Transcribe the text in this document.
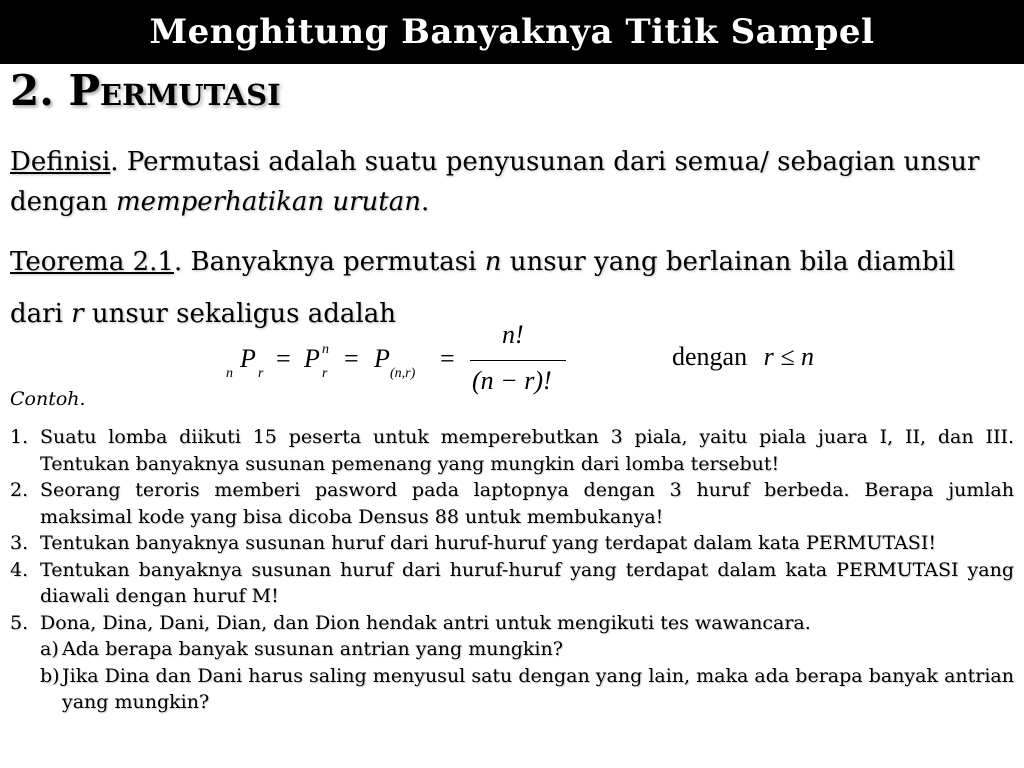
Menghitung Banyaknya Titik Sampel
2. Permutasi
Definisi. Permutasi adalah suatu penyusunan dari semua/ sebagian unsur dengan memperhatikan urutan.
Teorema 2.1. Banyaknya permutasi n unsur yang berlainan bila diambil dari r unsur sekaligus adalah
n
P
r
= P n
r
= P
(n,r)
=
n!
(n − r)!
dengan r ≤ n
Contoh.
1. Suatu lomba diikuti 15 peserta untuk memperebutkan 3 piala, yaitu piala juara I, II, dan III. Tentukan banyaknya susunan pemenang yang mungkin dari lomba tersebut!
2. Seorang teroris memberi pasword pada laptopnya dengan 3 huruf berbeda. Berapa jumlah maksimal kode yang bisa dicoba Densus 88 untuk membukanya!
3. Tentukan banyaknya susunan huruf dari huruf-huruf yang terdapat dalam kata PERMUTASI!
4. Tentukan banyaknya susunan huruf dari huruf-huruf yang terdapat dalam kata PERMUTASI yang diawali dengan huruf M!
5. Dona, Dina, Dani, Dian, dan Dion hendak antri untuk mengikuti tes wawancara.
a) Ada berapa banyak susunan antrian yang mungkin?
b) Jika Dina dan Dani harus saling menyusul satu dengan yang lain, maka ada berapa banyak antrian yang mungkin?
